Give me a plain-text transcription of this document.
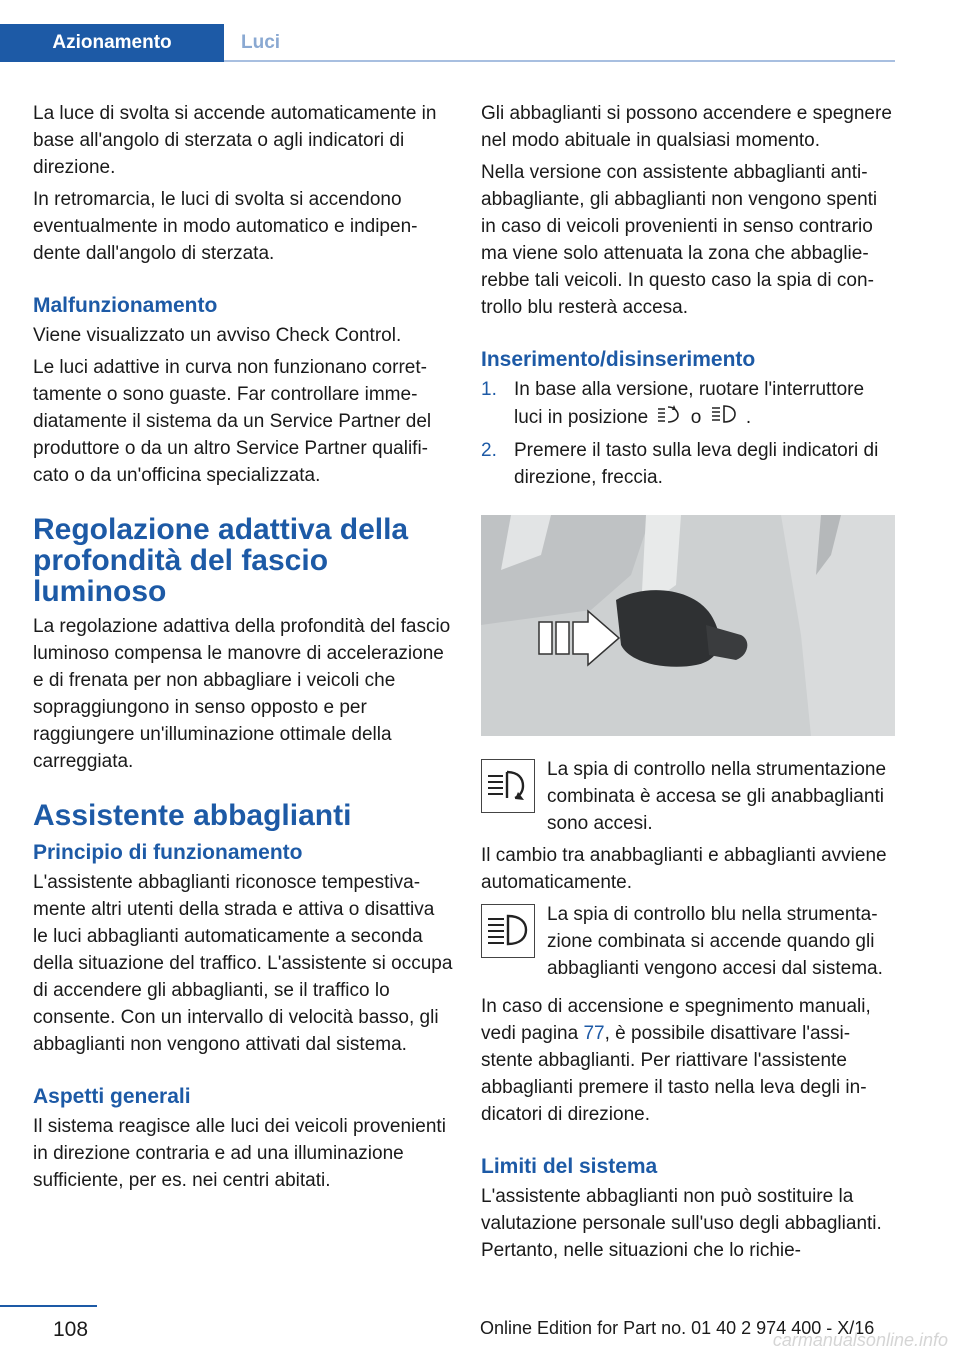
Azionamento	Luci

La luce di svolta si accende automaticamente in base all'angolo di sterzata o agli indicatori di direzione.

In retromarcia, le luci di svolta si accendono eventualmente in modo automatico e indipendente dall'angolo di sterzata.

Malfunzionamento

Viene visualizzato un avviso Check Control.

Le luci adattive in curva non funzionano correttamente o sono guaste. Far controllare immediatamente il sistema da un Service Partner del produttore o da un altro Service Partner qualificato o da un'officina specializzata.

Regolazione adattiva della profondità del fascio luminoso

La regolazione adattiva della profondità del fascio luminoso compensa le manovre di accelerazione e di frenata per non abbagliare i veicoli che sopraggiungono in senso opposto e per raggiungere un'illuminazione ottimale della carreggiata.

Assistente abbaglianti
Principio di funzionamento

L'assistente abbaglianti riconosce tempestivamente altri utenti della strada e attiva o disattiva le luci abbaglianti automaticamente a seconda della situazione del traffico. L'assistente si occupa di accendere gli abbaglianti, se il traffico lo consente. Con un intervallo di velocità basso, gli abbaglianti non vengono attivati dal sistema.

Aspetti generali

Il sistema reagisce alle luci dei veicoli provenienti in direzione contraria e ad una illuminazione sufficiente, per es. nei centri abitati.

Gli abbaglianti si possono accendere e spegnere nel modo abituale in qualsiasi momento.

Nella versione con assistente abbaglianti antiabbagliante, gli abbaglianti non vengono spenti in caso di veicoli provenienti in senso contrario ma viene solo attenuata la zona che abbaglierebbe tali veicoli. In questo caso la spia di controllo blu resterà accesa.

Inserimento/disinserimento
1. In base alla versione, ruotare l'interruttore luci in posizione o .
2. Premere il tasto sulla leva degli indicatori di direzione, freccia.

La spia di controllo nella strumentazione combinata è accesa se gli anabbaglianti sono accesi.

Il cambio tra anabbaglianti e abbaglianti avviene automaticamente.

La spia di controllo blu nella strumentazione combinata si accende quando gli abbaglianti vengono accesi dal sistema.

In caso di accensione e spegnimento manuali, vedi pagina 77, è possibile disattivare l'assistente abbaglianti. Per riattivare l'assistente abbaglianti premere il tasto nella leva degli indicatori di direzione.

Limiti del sistema

L'assistente abbaglianti non può sostituire la valutazione personale sull'uso degli abbaglianti. Pertanto, nelle situazioni che lo richie-

108	Online Edition for Part no. 01 40 2 974 400 - X/16
carmanualsonline.info
